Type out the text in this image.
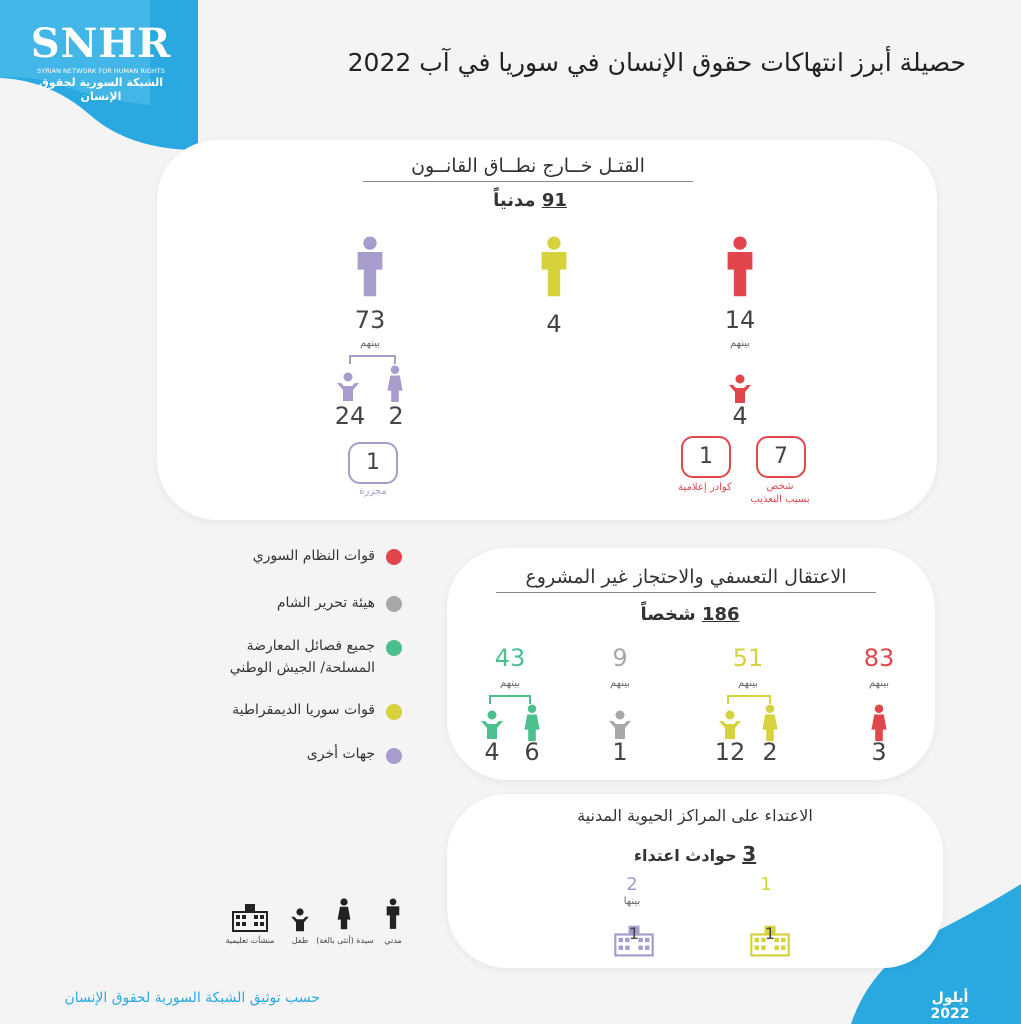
SNHR
SYRIAN NETWORK FOR HUMAN RIGHTS
الشبكة السورية لحقوق الإنسان
حصيلة أبرز انتهاكات حقوق الإنسان في سوريا في آب 2022
القتـل خــارج نطــاق القانــون
91 مدنياً
73
بينهم
24 2
1
مجزرة
4	14
بينهم
4
1
كوادر إعلامية
7
شخص
بسبب التعذيب
قوات النظام السوري
هيئة تحرير الشام
جميع فصائل المعارضة
المسلحة/ الجيش الوطني
قوات سوريا الديمقراطية
جهات أخرى
الاعتقال التعسفي والاحتجاز غير المشروع
186 شخصاً
43
بينهم
4	6
9
بينهم
1
51
بينهم
12 2
83
بينهم
3
الاعتداء على المراكز الحيوية المدنية
3 حوادث اعتداء
2
بينها
1
1
1
منشآت تعليمية	طفل سيدة (أنثى بالغة)	مدني
حسب توثيق الشبكة السورية لحقوق الإنسان	أيلول 2022
